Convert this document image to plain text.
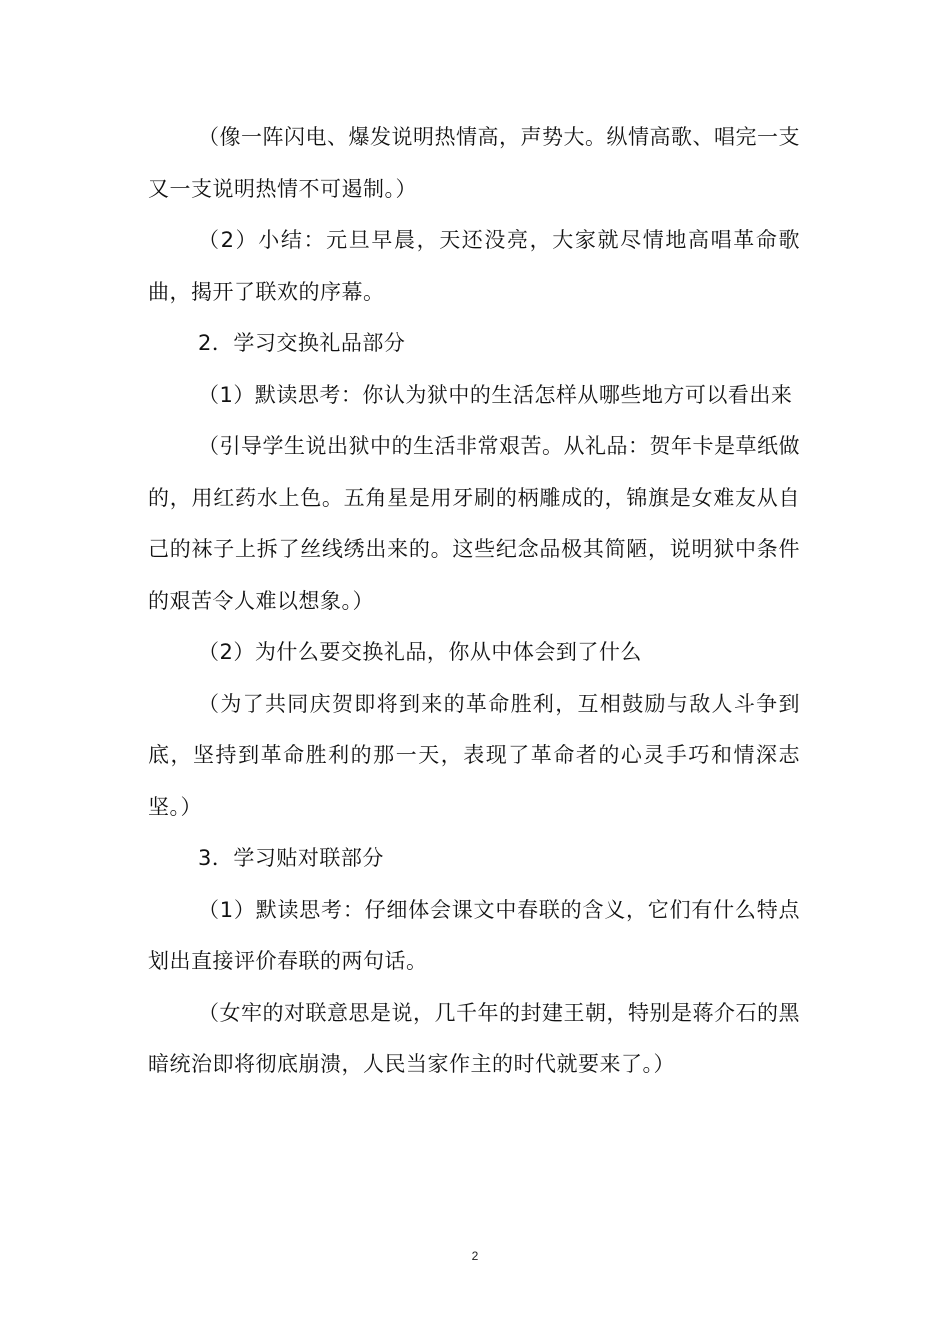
（像一阵闪电、爆发说明热情高，声势大。纵情高歌、唱完一支又一支说明热情不可遏制。）

（2）小结：元旦早晨，天还没亮，大家就尽情地高唱革命歌曲，揭开了联欢的序幕。

2．学习交换礼品部分

（1）默读思考：你认为狱中的生活怎样从哪些地方可以看出来

（引导学生说出狱中的生活非常艰苦。从礼品：贺年卡是草纸做的，用红药水上色。五角星是用牙刷的柄雕成的，锦旗是女难友从自己的袜子上拆了丝线绣出来的。这些纪念品极其简陋，说明狱中条件的艰苦令人难以想象。）

（2）为什么要交换礼品，你从中体会到了什么

（为了共同庆贺即将到来的革命胜利，互相鼓励与敌人斗争到底，坚持到革命胜利的那一天，表现了革命者的心灵手巧和情深志坚。）

3．学习贴对联部分

（1）默读思考：仔细体会课文中春联的含义，它们有什么特点划出直接评价春联的两句话。

（女牢的对联意思是说，几千年的封建王朝，特别是蒋介石的黑暗统治即将彻底崩溃，人民当家作主的时代就要来了。）

2
